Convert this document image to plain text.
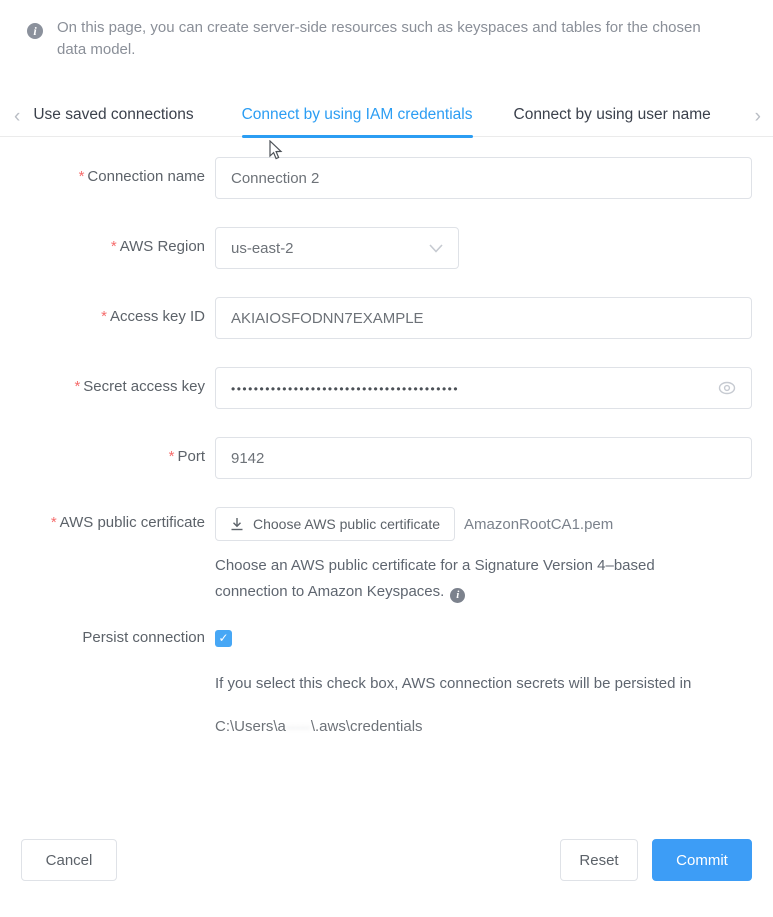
i	On this page, you can create server-side resources such as keyspaces and tables for the chosen data model.
‹ Use saved connections	Connect by using IAM credentials	Connect by using user name ›
* Connection name Connection 2
* AWS Region us-east-2
* Access key ID AKIAIOSFODNN7EXAMPLE
* Secret access key ••••••••••••••••••••••••••••••••••••••••
* Port 9142
* AWS public certificate	Choose AWS public certificate AmazonRootCA1.pem
Choose an AWS public certificate for a Signature Version 4–based connection to Amazon Keyspaces. i
Persist connection ✓
If you select this check box, AWS connection secrets will be persisted in
C:\Users\a·····\.aws\credentials
Cancel	Reset	Commit
